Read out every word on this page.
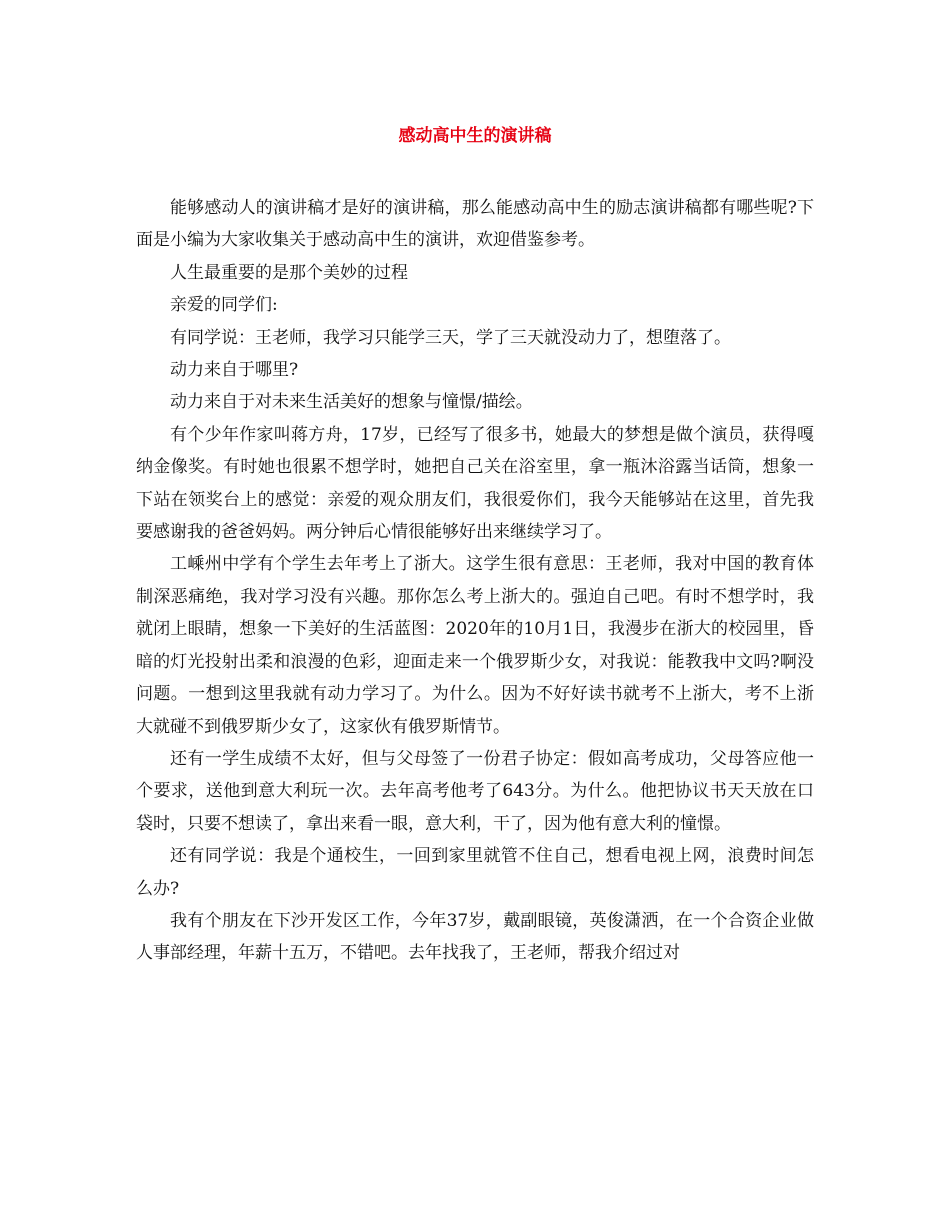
感动高中生的演讲稿

能够感动人的演讲稿才是好的演讲稿，那么能感动高中生的励志演讲稿都有哪些呢?下面是小编为大家收集关于感动高中生的演讲，欢迎借鉴参考。

人生最重要的是那个美妙的过程

亲爱的同学们:

有同学说：王老师，我学习只能学三天，学了三天就没动力了，想堕落了。

动力来自于哪里?

动力来自于对未来生活美好的想象与憧憬/描绘。

有个少年作家叫蒋方舟，17岁，已经写了很多书，她最大的梦想是做个演员，获得嘎纳金像奖。有时她也很累不想学时，她把自己关在浴室里，拿一瓶沐浴露当话筒，想象一下站在领奖台上的感觉：亲爱的观众朋友们，我很爱你们，我今天能够站在这里，首先我要感谢我的爸爸妈妈。两分钟后心情很能够好出来继续学习了。

工嵊州中学有个学生去年考上了浙大。这学生很有意思：王老师，我对中国的教育体制深恶痛绝，我对学习没有兴趣。那你怎么考上浙大的。强迫自己吧。有时不想学时，我就闭上眼睛，想象一下美好的生活蓝图：2020年的10月1日，我漫步在浙大的校园里，昏暗的灯光投射出柔和浪漫的色彩，迎面走来一个俄罗斯少女，对我说：能教我中文吗?啊没问题。一想到这里我就有动力学习了。为什么。因为不好好读书就考不上浙大，考不上浙大就碰不到俄罗斯少女了，这家伙有俄罗斯情节。

还有一学生成绩不太好，但与父母签了一份君子协定：假如高考成功，父母答应他一个要求，送他到意大利玩一次。去年高考他考了643分。为什么。他把协议书天天放在口袋时，只要不想读了，拿出来看一眼，意大利，干了，因为他有意大利的憧憬。

还有同学说：我是个通校生，一回到家里就管不住自己，想看电视上网，浪费时间怎么办?

我有个朋友在下沙开发区工作，今年37岁，戴副眼镜，英俊潇洒，在一个合资企业做人事部经理，年薪十五万，不错吧。去年找我了，王老师，帮我介绍过对
